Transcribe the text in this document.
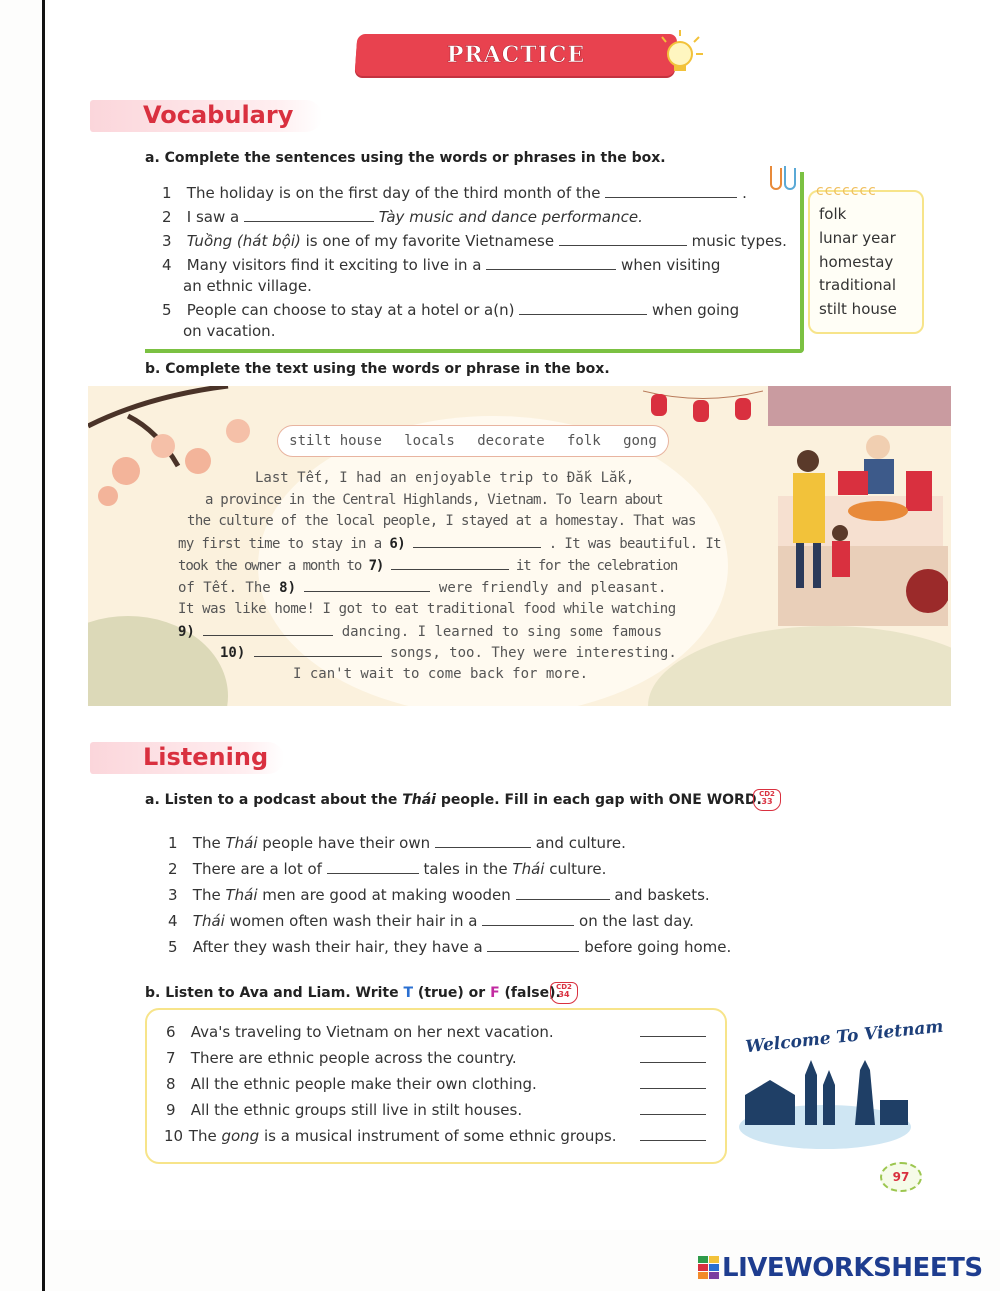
PRACTICE
Vocabulary
a. Complete the sentences using the words or phrases in the box.
1 The holiday is on the first day of the third month of the	.
2 I saw a	Tày music and dance performance.
3 Tuồng (hát bội) is one of my favorite Vietnamese	music types.
4 Many visitors find it exciting to live in a	when visiting
an ethnic village.
5 People can choose to stay at a hotel or a(n)	when going
on vacation.
ccccccc
folk
lunar year
homestay
traditional
stilt house
b. Complete the text using the words or phrase in the box.
stilt house locals decorate folk gong
Last Tết, I had an enjoyable trip to Đắk Lắk,
a province in the Central Highlands, Vietnam. To learn about
the culture of the local people, I stayed at a homestay. That was
my first time to stay in a 6)	. It was beautiful. It
took the owner a month to 7)	it for the celebration
of Tết. The 8)	were friendly and pleasant.
It was like home! I got to eat traditional food while watching
9)	dancing. I learned to sing some famous
10)	songs, too. They were interesting.
I can't wait to come back for more.
Listening
a. Listen to a podcast about the Thái people. Fill in each gap with ONE WORD.
CD2
33
1 The Thái people have their own	and culture.
2 There are a lot of	tales in the Thái culture.
3 The Thái men are good at making wooden	and baskets.
4 Thái women often wash their hair in a	on the last day.
5 After they wash their hair, they have a	before going home.
b. Listen to Ava and Liam. Write T (true) or F (false).
CD2
34
6 Ava's traveling to Vietnam on her next vacation.
7 There are ethnic people across the country.
8 All the ethnic people make their own clothing.
9 All the ethnic groups still live in stilt houses.
10 The gong is a musical instrument of some ethnic groups.
Welcome To Vietnam
97
LIVEWORKSHEETS
